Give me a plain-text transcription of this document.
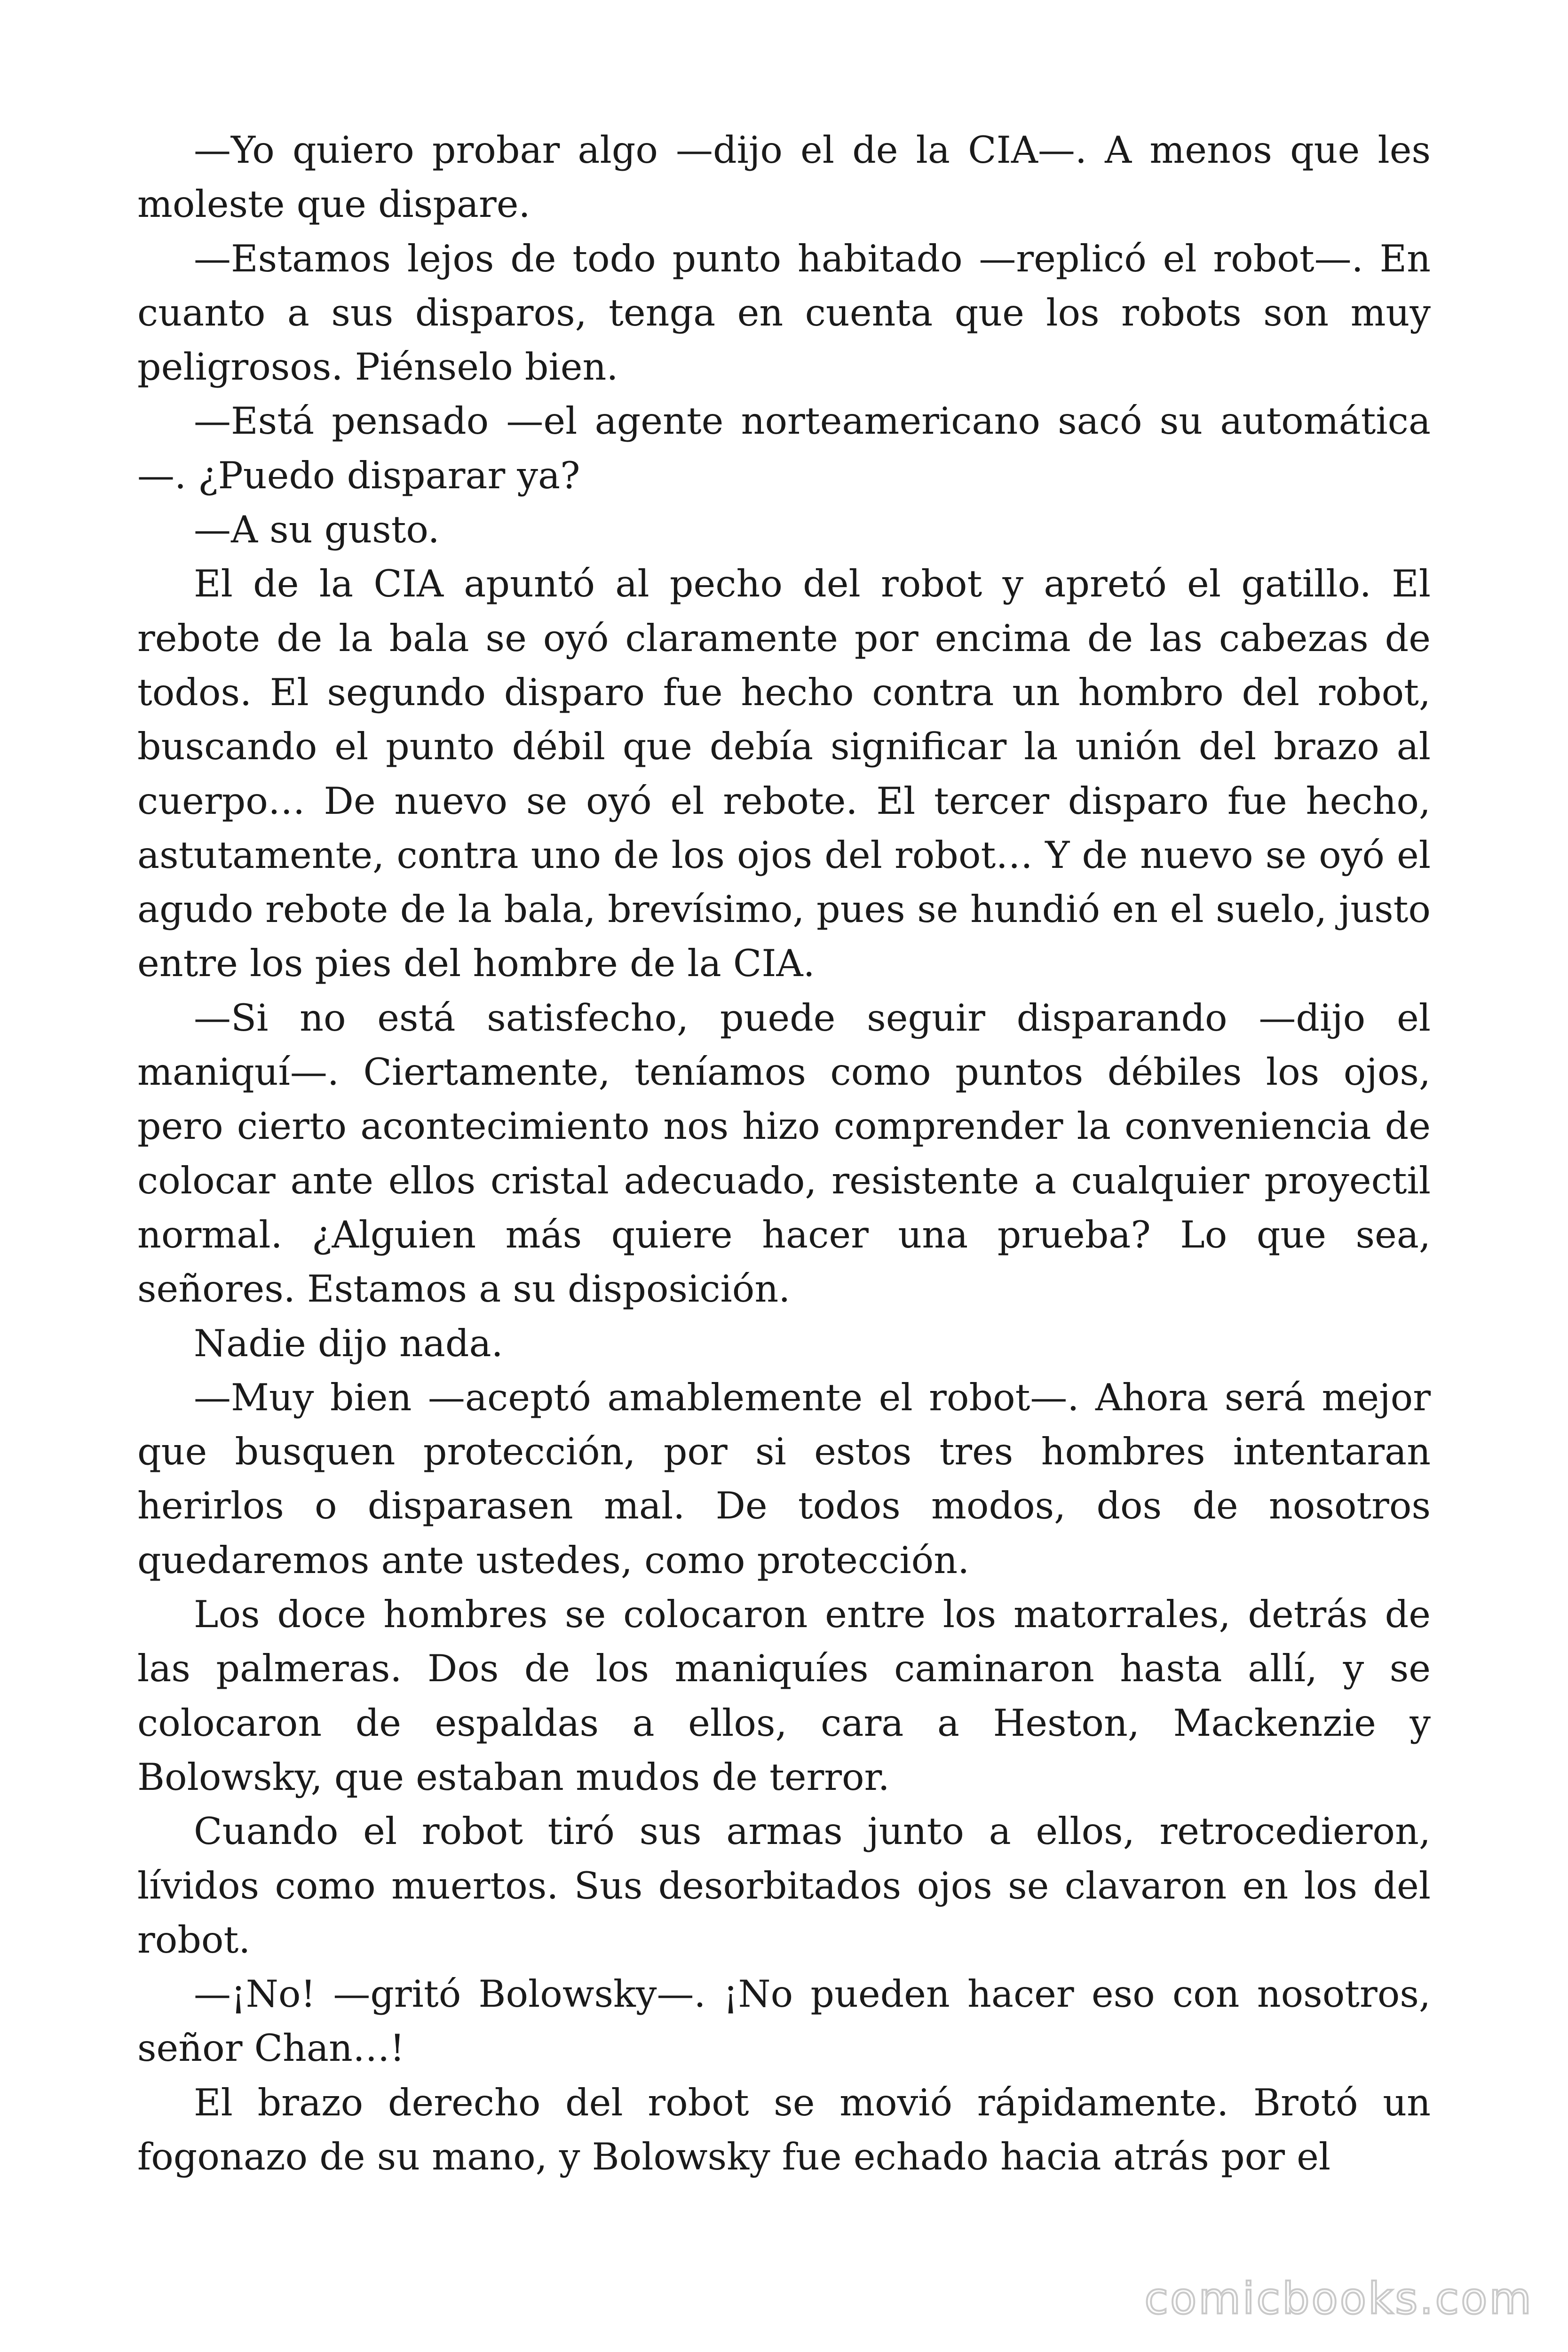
—Yo quiero probar algo —dijo el de la CIA—. A menos que les moleste que dispare.

—Estamos lejos de todo punto habitado —replicó el robot—. En cuanto a sus disparos, tenga en cuenta que los robots son muy peligrosos. Piénselo bien.

—Está pensado —el agente norteamericano sacó su automática —. ¿Puedo disparar ya?

—A su gusto.

El de la CIA apuntó al pecho del robot y apretó el gatillo. El rebote de la bala se oyó claramente por encima de las cabezas de todos. El segundo disparo fue hecho contra un hombro del robot, buscando el punto débil que debía significar la unión del brazo al cuerpo… De nuevo se oyó el rebote. El tercer disparo fue hecho, astutamente, contra uno de los ojos del robot… Y de nuevo se oyó el agudo rebote de la bala, brevísimo, pues se hundió en el suelo, justo entre los pies del hombre de la CIA.

—Si no está satisfecho, puede seguir disparando —dijo el maniquí—. Ciertamente, teníamos como puntos débiles los ojos, pero cierto acontecimiento nos hizo comprender la conveniencia de colocar ante ellos cristal adecuado, resistente a cualquier proyectil normal. ¿Alguien más quiere hacer una prueba? Lo que sea, señores. Estamos a su disposición.

Nadie dijo nada.

—Muy bien —aceptó amablemente el robot—. Ahora será mejor que busquen protección, por si estos tres hombres intentaran herirlos o disparasen mal. De todos modos, dos de nosotros quedaremos ante ustedes, como protección.

Los doce hombres se colocaron entre los matorrales, detrás de las palmeras. Dos de los maniquíes caminaron hasta allí, y se colocaron de espaldas a ellos, cara a Heston, Mackenzie y Bolowsky, que estaban mudos de terror.

Cuando el robot tiró sus armas junto a ellos, retrocedieron, lívidos como muertos. Sus desorbitados ojos se clavaron en los del robot.

—¡No! —gritó Bolowsky—. ¡No pueden hacer eso con nosotros, señor Chan…!

El brazo derecho del robot se movió rápidamente. Brotó un fogonazo de su mano, y Bolowsky fue echado hacia atrás por el

comicbooks.com
